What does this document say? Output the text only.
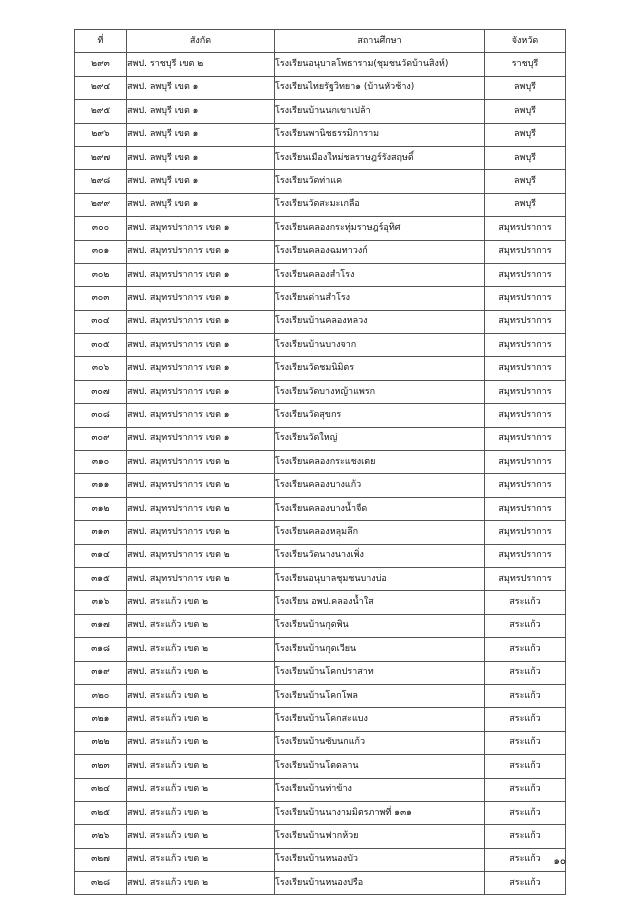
ที่	สังกัด	สถานศึกษา	จังหวัด
๒๙๓	สพป. ราชบุรี เขต ๒	โรงเรียนอนุบาลโพธาราม(ชุมชนวัดบ้านสิงห์)	ราชบุรี
๒๙๔	สพป. ลพบุรี เขต ๑	โรงเรียนไทยรัฐวิทยา๑ (บ้านหัวช้าง)	ลพบุรี
๒๙๕	สพป. ลพบุรี เขต ๑	โรงเรียนบ้านนกเขาเปล้า	ลพบุรี
๒๙๖	สพป. ลพบุรี เขต ๑	โรงเรียนพานิชธรรมิการาม	ลพบุรี
๒๙๗	สพป. ลพบุรี เขต ๑	โรงเรียนเมืองใหม่ชลราษฎร์รังสฤษดิ์	ลพบุรี
๒๙๘	สพป. ลพบุรี เขต ๑	โรงเรียนวัดท่าแค	ลพบุรี
๒๙๙	สพป. ลพบุรี เขต ๑	โรงเรียนวัดสะมะเกลือ	ลพบุรี
๓๐๐	สพป. สมุทรปราการ เขต ๑	โรงเรียนคลองกระทุ่มราษฎร์อุทิศ	สมุทรปราการ
๓๐๑	สพป. สมุทรปราการ เขต ๑	โรงเรียนคลองฉมทาวงก์	สมุทรปราการ
๓๐๒	สพป. สมุทรปราการ เขต ๑	โรงเรียนคลองสำโรง	สมุทรปราการ
๓๐๓	สพป. สมุทรปราการ เขต ๑	โรงเรียนด่านสำโรง	สมุทรปราการ
๓๐๔	สพป. สมุทรปราการ เขต ๑	โรงเรียนบ้านคลองหลวง	สมุทรปราการ
๓๐๕	สพป. สมุทรปราการ เขต ๑	โรงเรียนบ้านบางจาก	สมุทรปราการ
๓๐๖	สพป. สมุทรปราการ เขต ๑	โรงเรียนวัดชมนิมิตร	สมุทรปราการ
๓๐๗	สพป. สมุทรปราการ เขต ๑	โรงเรียนวัดบางหญ้าแพรก	สมุทรปราการ
๓๐๘	สพป. สมุทรปราการ เขต ๑	โรงเรียนวัดสุขกร	สมุทรปราการ
๓๐๙	สพป. สมุทรปราการ เขต ๑	โรงเรียนวัดใหญ่	สมุทรปราการ
๓๑๐	สพป. สมุทรปราการ เขต ๒	โรงเรียนคลองกระแชงเตย	สมุทรปราการ
๓๑๑	สพป. สมุทรปราการ เขต ๒	โรงเรียนคลองบางแก้ว	สมุทรปราการ
๓๑๒	สพป. สมุทรปราการ เขต ๒	โรงเรียนคลองบางน้ำจืด	สมุทรปราการ
๓๑๓	สพป. สมุทรปราการ เขต ๒	โรงเรียนคลองหลุมลึก	สมุทรปราการ
๓๑๔	สพป. สมุทรปราการ เขต ๒	โรงเรียนวัดนางนางเพิ่ง	สมุทรปราการ
๓๑๕	สพป. สมุทรปราการ เขต ๒	โรงเรียนอนุบาลชุมชนบางบ่อ	สมุทรปราการ
๓๑๖	สพป. สระแก้ว เขต ๒	โรงเรียน อพป.คลองน้ำใส	สระแก้ว
๓๑๗	สพป. สระแก้ว เขต ๒	โรงเรียนบ้านกุดพิน	สระแก้ว
๓๑๘	สพป. สระแก้ว เขต ๒	โรงเรียนบ้านกุดเวียน	สระแก้ว
๓๑๙	สพป. สระแก้ว เขต ๒	โรงเรียนบ้านโคกปราสาท	สระแก้ว
๓๒๐	สพป. สระแก้ว เขต ๒	โรงเรียนบ้านโคกโพล	สระแก้ว
๓๒๑	สพป. สระแก้ว เขต ๒	โรงเรียนบ้านโคกสะแบง	สระแก้ว
๓๒๒	สพป. สระแก้ว เขต ๒	โรงเรียนบ้านซับนกแก้ว	สระแก้ว
๓๒๓	สพป. สระแก้ว เขต ๒	โรงเรียนบ้านโตดลาน	สระแก้ว
๓๒๔	สพป. สระแก้ว เขต ๒	โรงเรียนบ้านท่าข้าง	สระแก้ว
๓๒๕	สพป. สระแก้ว เขต ๒	โรงเรียนบ้านนางามมิตรภาพที่ ๑๓๑	สระแก้ว
๓๒๖	สพป. สระแก้ว เขต ๒	โรงเรียนบ้านฟากห้วย	สระแก้ว
๓๒๗	สพป. สระแก้ว เขต ๒	โรงเรียนบ้านหนองบัว	สระแก้ว
๓๒๘	สพป. สระแก้ว เขต ๒	โรงเรียนบ้านหนองปรือ	สระแก้ว
๑๐
